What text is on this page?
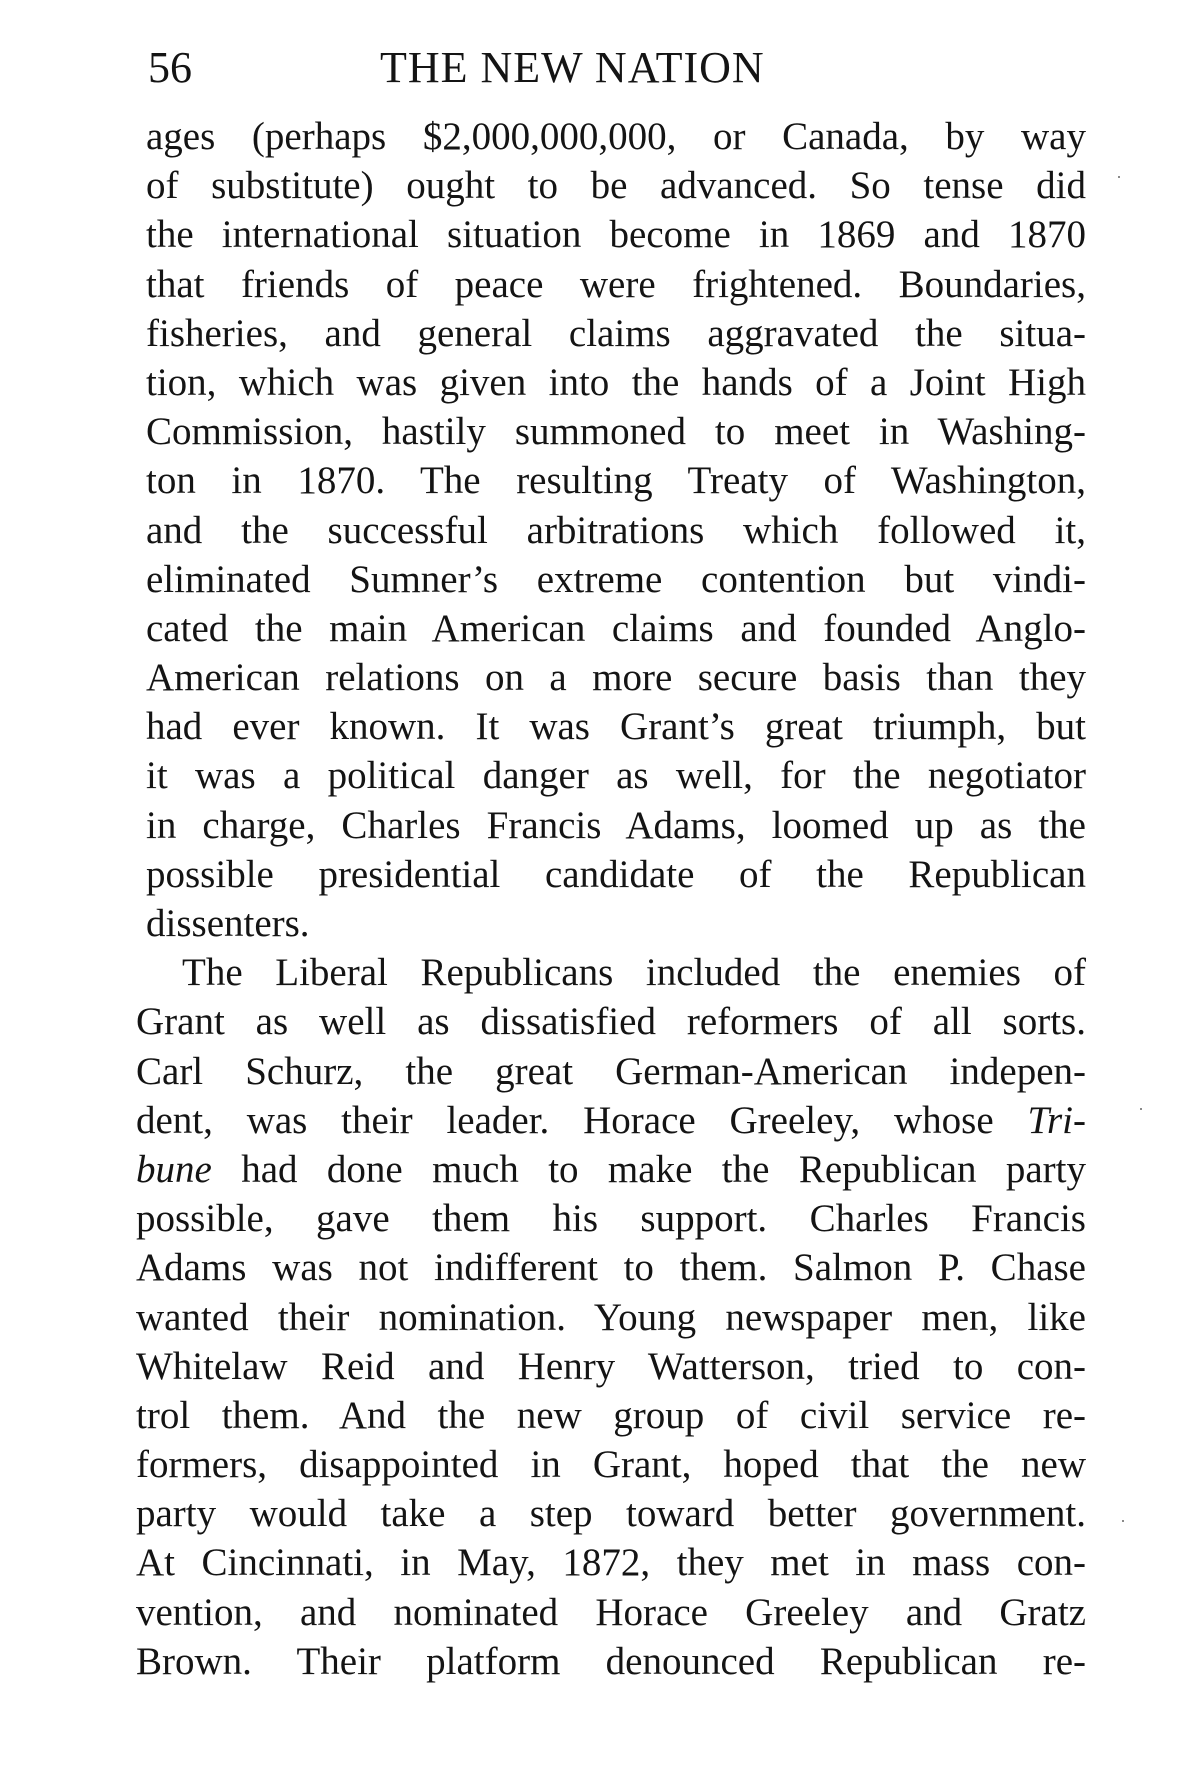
56	THE NEW NATION
ages (perhaps $2,000,000,000, or Canada, by way
of substitute) ought to be advanced. So tense did
the international situation become in 1869 and 1870
that friends of peace were frightened. Boundaries,
fisheries, and general claims aggravated the situa-
tion, which was given into the hands of a Joint High
Commission, hastily summoned to meet in Washing-
ton in 1870. The resulting Treaty of Washington,
and the successful arbitrations which followed it,
eliminated Sumner’s extreme contention but vindi-
cated the main American claims and founded Anglo-
American relations on a more secure basis than they
had ever known. It was Grant’s great triumph, but
it was a political danger as well, for the negotiator
in charge, Charles Francis Adams, loomed up as the
possible presidential candidate of the Republican
dissenters.
The Liberal Republicans included the enemies of
Grant as well as dissatisfied reformers of all sorts.
Carl Schurz, the great German-American indepen-
dent, was their leader. Horace Greeley, whose Tri-
bune had done much to make the Republican party
possible, gave them his support. Charles Francis
Adams was not indifferent to them. Salmon P. Chase
wanted their nomination. Young newspaper men, like
Whitelaw Reid and Henry Watterson, tried to con-
trol them. And the new group of civil service re-
formers, disappointed in Grant, hoped that the new
party would take a step toward better government.
At Cincinnati, in May, 1872, they met in mass con-
vention, and nominated Horace Greeley and Gratz
Brown. Their platform denounced Republican re-
